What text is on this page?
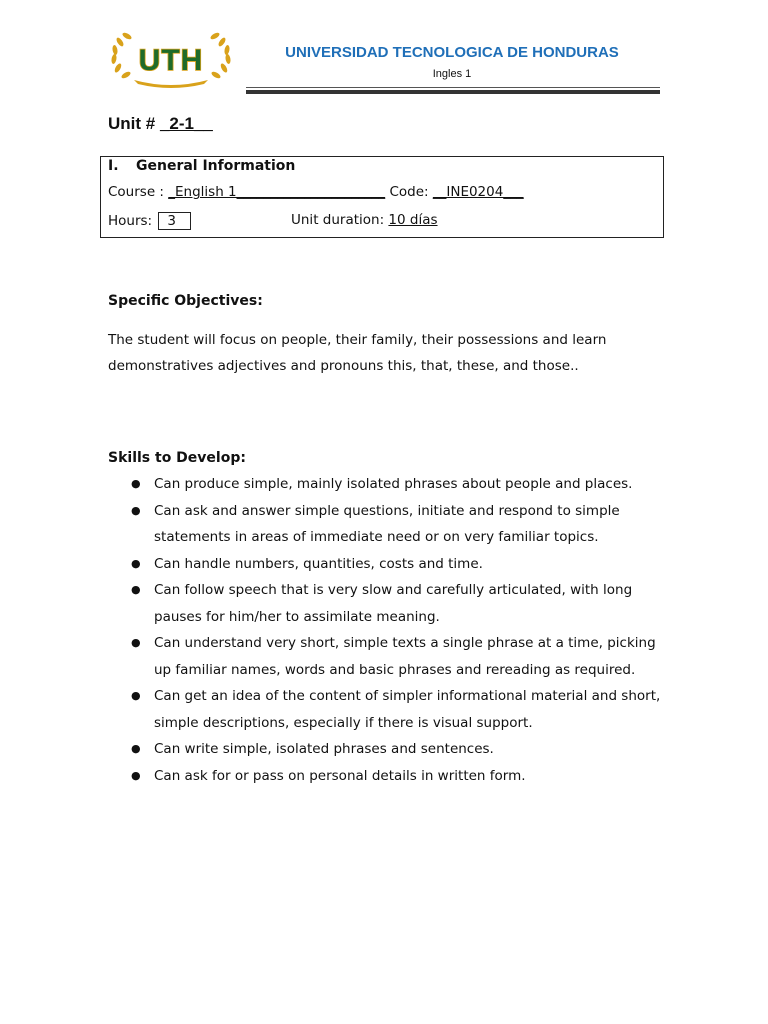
UTH	UNIVERSIDAD TECNOLOGICA DE HONDURAS
Ingles 1
Unit # _2-1__
I. General Information
Course : _English 1______________________ Code: __INE0204___
Hours: 3	Unit duration: 10 días
Specific Objectives:
The student will focus on people, their family, their possessions and learn demonstratives adjectives and pronouns this, that, these, and those..
Skills to Develop:
● Can produce simple, mainly isolated phrases about people and places.
● Can ask and answer simple questions, initiate and respond to simple statements in areas of immediate need or on very familiar topics.
● Can handle numbers, quantities, costs and time.
● Can follow speech that is very slow and carefully articulated, with long pauses for him/her to assimilate meaning.
● Can understand very short, simple texts a single phrase at a time, picking up familiar names, words and basic phrases and rereading as required.
● Can get an idea of the content of simpler informational material and short, simple descriptions, especially if there is visual support.
● Can write simple, isolated phrases and sentences.
● Can ask for or pass on personal details in written form.
